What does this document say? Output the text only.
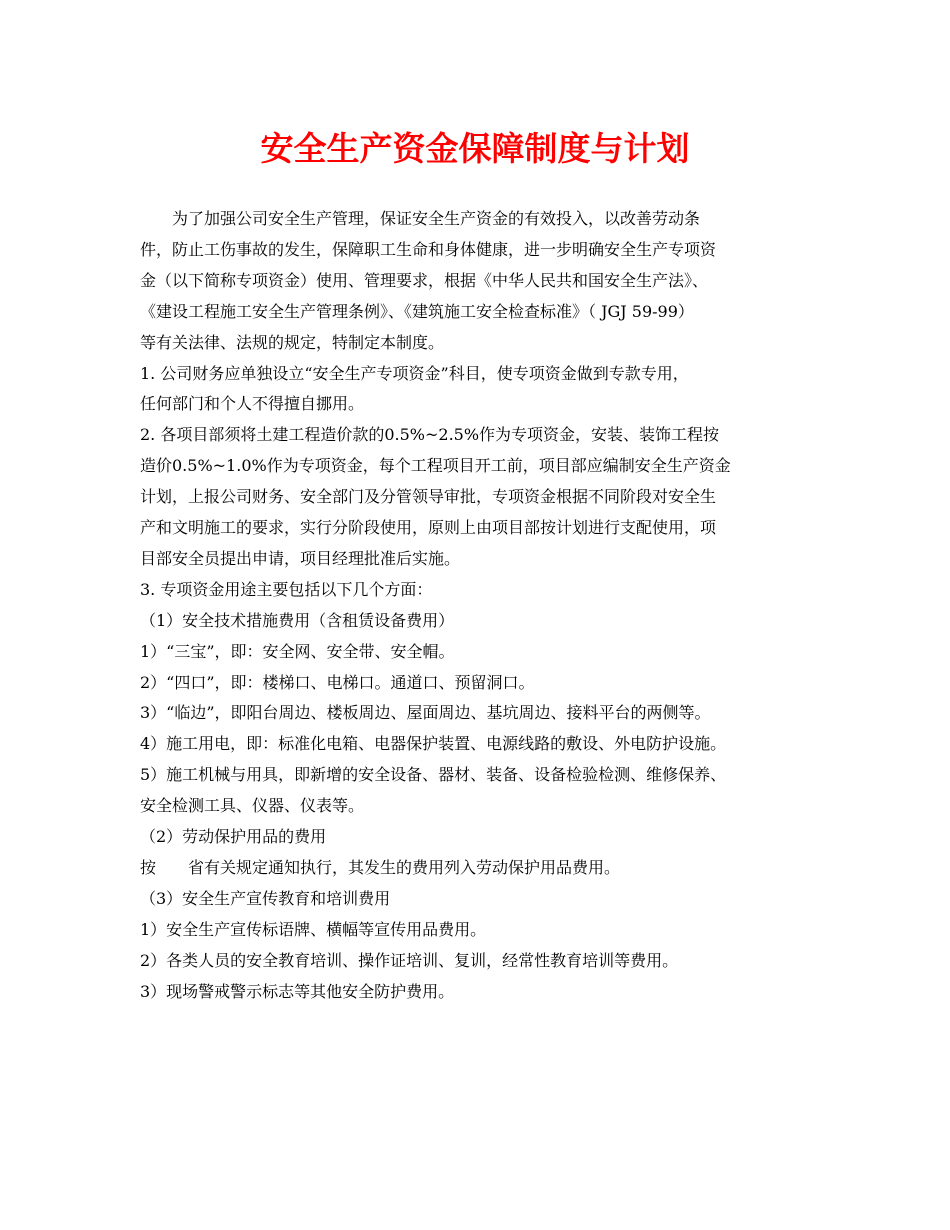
安全生产资金保障制度与计划

　　为了加强公司安全生产管理，保证安全生产资金的有效投入，以改善劳动条

件，防止工伤事故的发生，保障职工生命和身体健康，进一步明确安全生产专项资

金（以下简称专项资金）使用、管理要求，根据《中华人民共和国安全生产法》、

《建设工程施工安全生产管理条例》、《建筑施工安全检查标准》（ JGJ 59-99）

等有关法律、法规的规定，特制定本制度。

1. 公司财务应单独设立“安全生产专项资金”科目，使专项资金做到专款专用，

任何部门和个人不得擅自挪用。

2. 各项目部须将土建工程造价款的0.5%~2.5%作为专项资金，安装、装饰工程按

造价0.5%~1.0%作为专项资金，每个工程项目开工前，项目部应编制安全生产资金

计划，上报公司财务、安全部门及分管领导审批，专项资金根据不同阶段对安全生

产和文明施工的要求，实行分阶段使用，原则上由项目部按计划进行支配使用，项

目部安全员提出申请，项目经理批准后实施。

3. 专项资金用途主要包括以下几个方面：

（1）安全技术措施费用（含租赁设备费用）

1）“三宝”，即：安全网、安全带、安全帽。

2）“四口”，即：楼梯口、电梯口。通道口、预留洞口。

3）“临边”，即阳台周边、楼板周边、屋面周边、基坑周边、接料平台的两侧等。

4）施工用电，即：标准化电箱、电器保护装置、电源线路的敷设、外电防护设施。

5）施工机械与用具，即新增的安全设备、器材、装备、设备检验检测、维修保养、

安全检测工具、仪器、仪表等。

（2）劳动保护用品的费用

按　　省有关规定通知执行，其发生的费用列入劳动保护用品费用。

（3）安全生产宣传教育和培训费用

1）安全生产宣传标语牌、横幅等宣传用品费用。

2）各类人员的安全教育培训、操作证培训、复训，经常性教育培训等费用。

3）现场警戒警示标志等其他安全防护费用。
